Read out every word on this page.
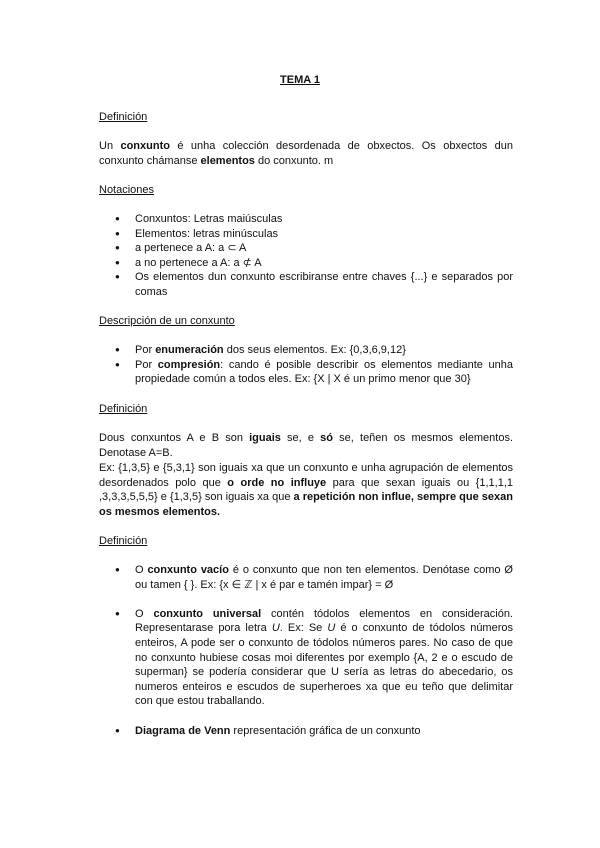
TEMA 1
Definición

Un conxunto é unha colección desordenada de obxectos. Os obxectos dun conxunto chámanse elementos do conxunto. m

Notaciones
● Conxuntos: Letras maiúsculas
● Elementos: letras minúsculas
● a pertenece a A: a ⊂ A
● a no pertenece a A: a ⊄ A
● Os elementos dun conxunto escribiranse entre chaves {...} e separados por comas
Descripción de un conxunto
● Por enumeración dos seus elementos. Ex: {0,3,6,9,12}
● Por compresión: cando é posible describir os elementos mediante unha propiedade común a todos eles. Ex: {X | X é un primo menor que 30}
Definición

Dous conxuntos A e B son iguais se, e só se, teñen os mesmos elementos. Denotase A=B.

Ex: {1,3,5} e {5,3,1} son iguais xa que un conxunto e unha agrupación de elementos desordenados polo que o orde no influye para que sexan iguais ou {1,1,1,1 ,3,3,3,5,5,5} e {1,3,5} son iguais xa que a repetición non influe, sempre que sexan os mesmos elementos.

Definición
● O conxunto vacío é o conxunto que non ten elementos. Denótase como Ø ou tamen { }. Ex: {x ∈ ℤ | x é par e tamén impar} = Ø
● O conxunto universal contén tódolos elementos en consideración. Representarase pora letra U. Ex: Se U é o conxunto de tódolos números enteiros, A pode ser o conxunto de tódolos números pares. No caso de que no conxunto hubiese cosas moi diferentes por exemplo {A, 2 e o escudo de superman} se podería considerar que U sería as letras do abecedario, os numeros enteiros e escudos de superheroes xa que eu teño que delimitar con que estou traballando.
● Diagrama de Venn representación gráfica de un conxunto
